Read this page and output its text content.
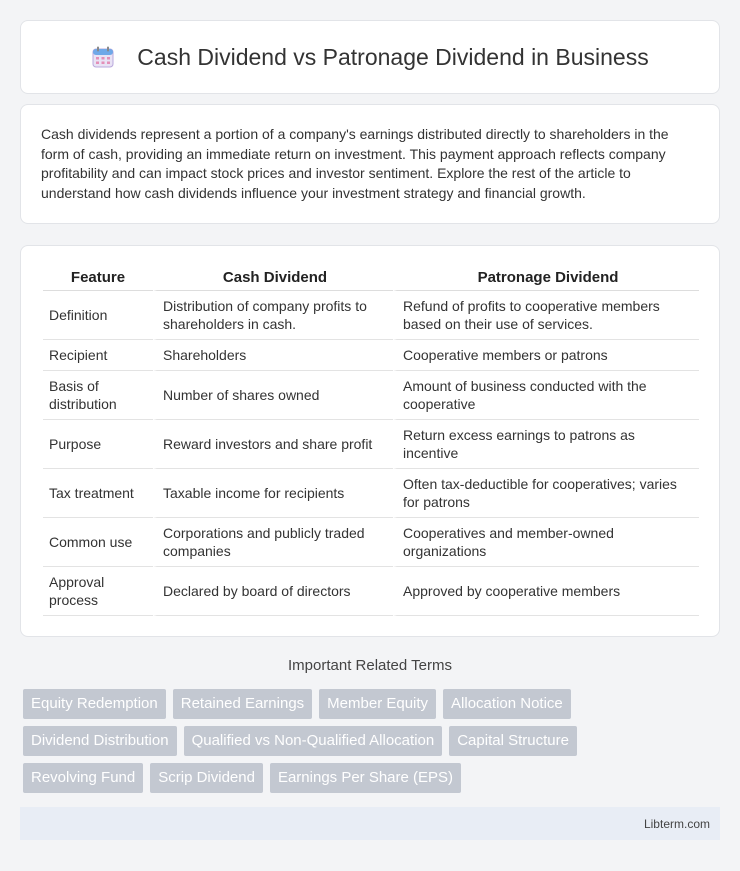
Cash Dividend vs Patronage Dividend in Business

Cash dividends represent a portion of a company's earnings distributed directly to shareholders in the form of cash, providing an immediate return on investment. This payment approach reflects company profitability and can impact stock prices and investor sentiment. Explore the rest of the article to understand how cash dividends influence your investment strategy and financial growth.

Feature	Cash Dividend	Patronage Dividend
Definition	Distribution of company profits to shareholders in cash.	Refund of profits to cooperative members based on their use of services.
Recipient	Shareholders	Cooperative members or patrons
Basis of distribution	Number of shares owned	Amount of business conducted with the cooperative
Purpose	Reward investors and share profit	Return excess earnings to patrons as incentive
Tax treatment	Taxable income for recipients	Often tax-deductible for cooperatives; varies for patrons
Common use	Corporations and publicly traded companies	Cooperatives and member-owned organizations
Approval process	Declared by board of directors	Approved by cooperative members
Important Related Terms
Equity Redemption	Retained Earnings	Member Equity	Allocation Notice
Dividend Distribution	Qualified vs Non-Qualified Allocation	Capital Structure
Revolving Fund	Scrip Dividend	Earnings Per Share (EPS)
Libterm.com
